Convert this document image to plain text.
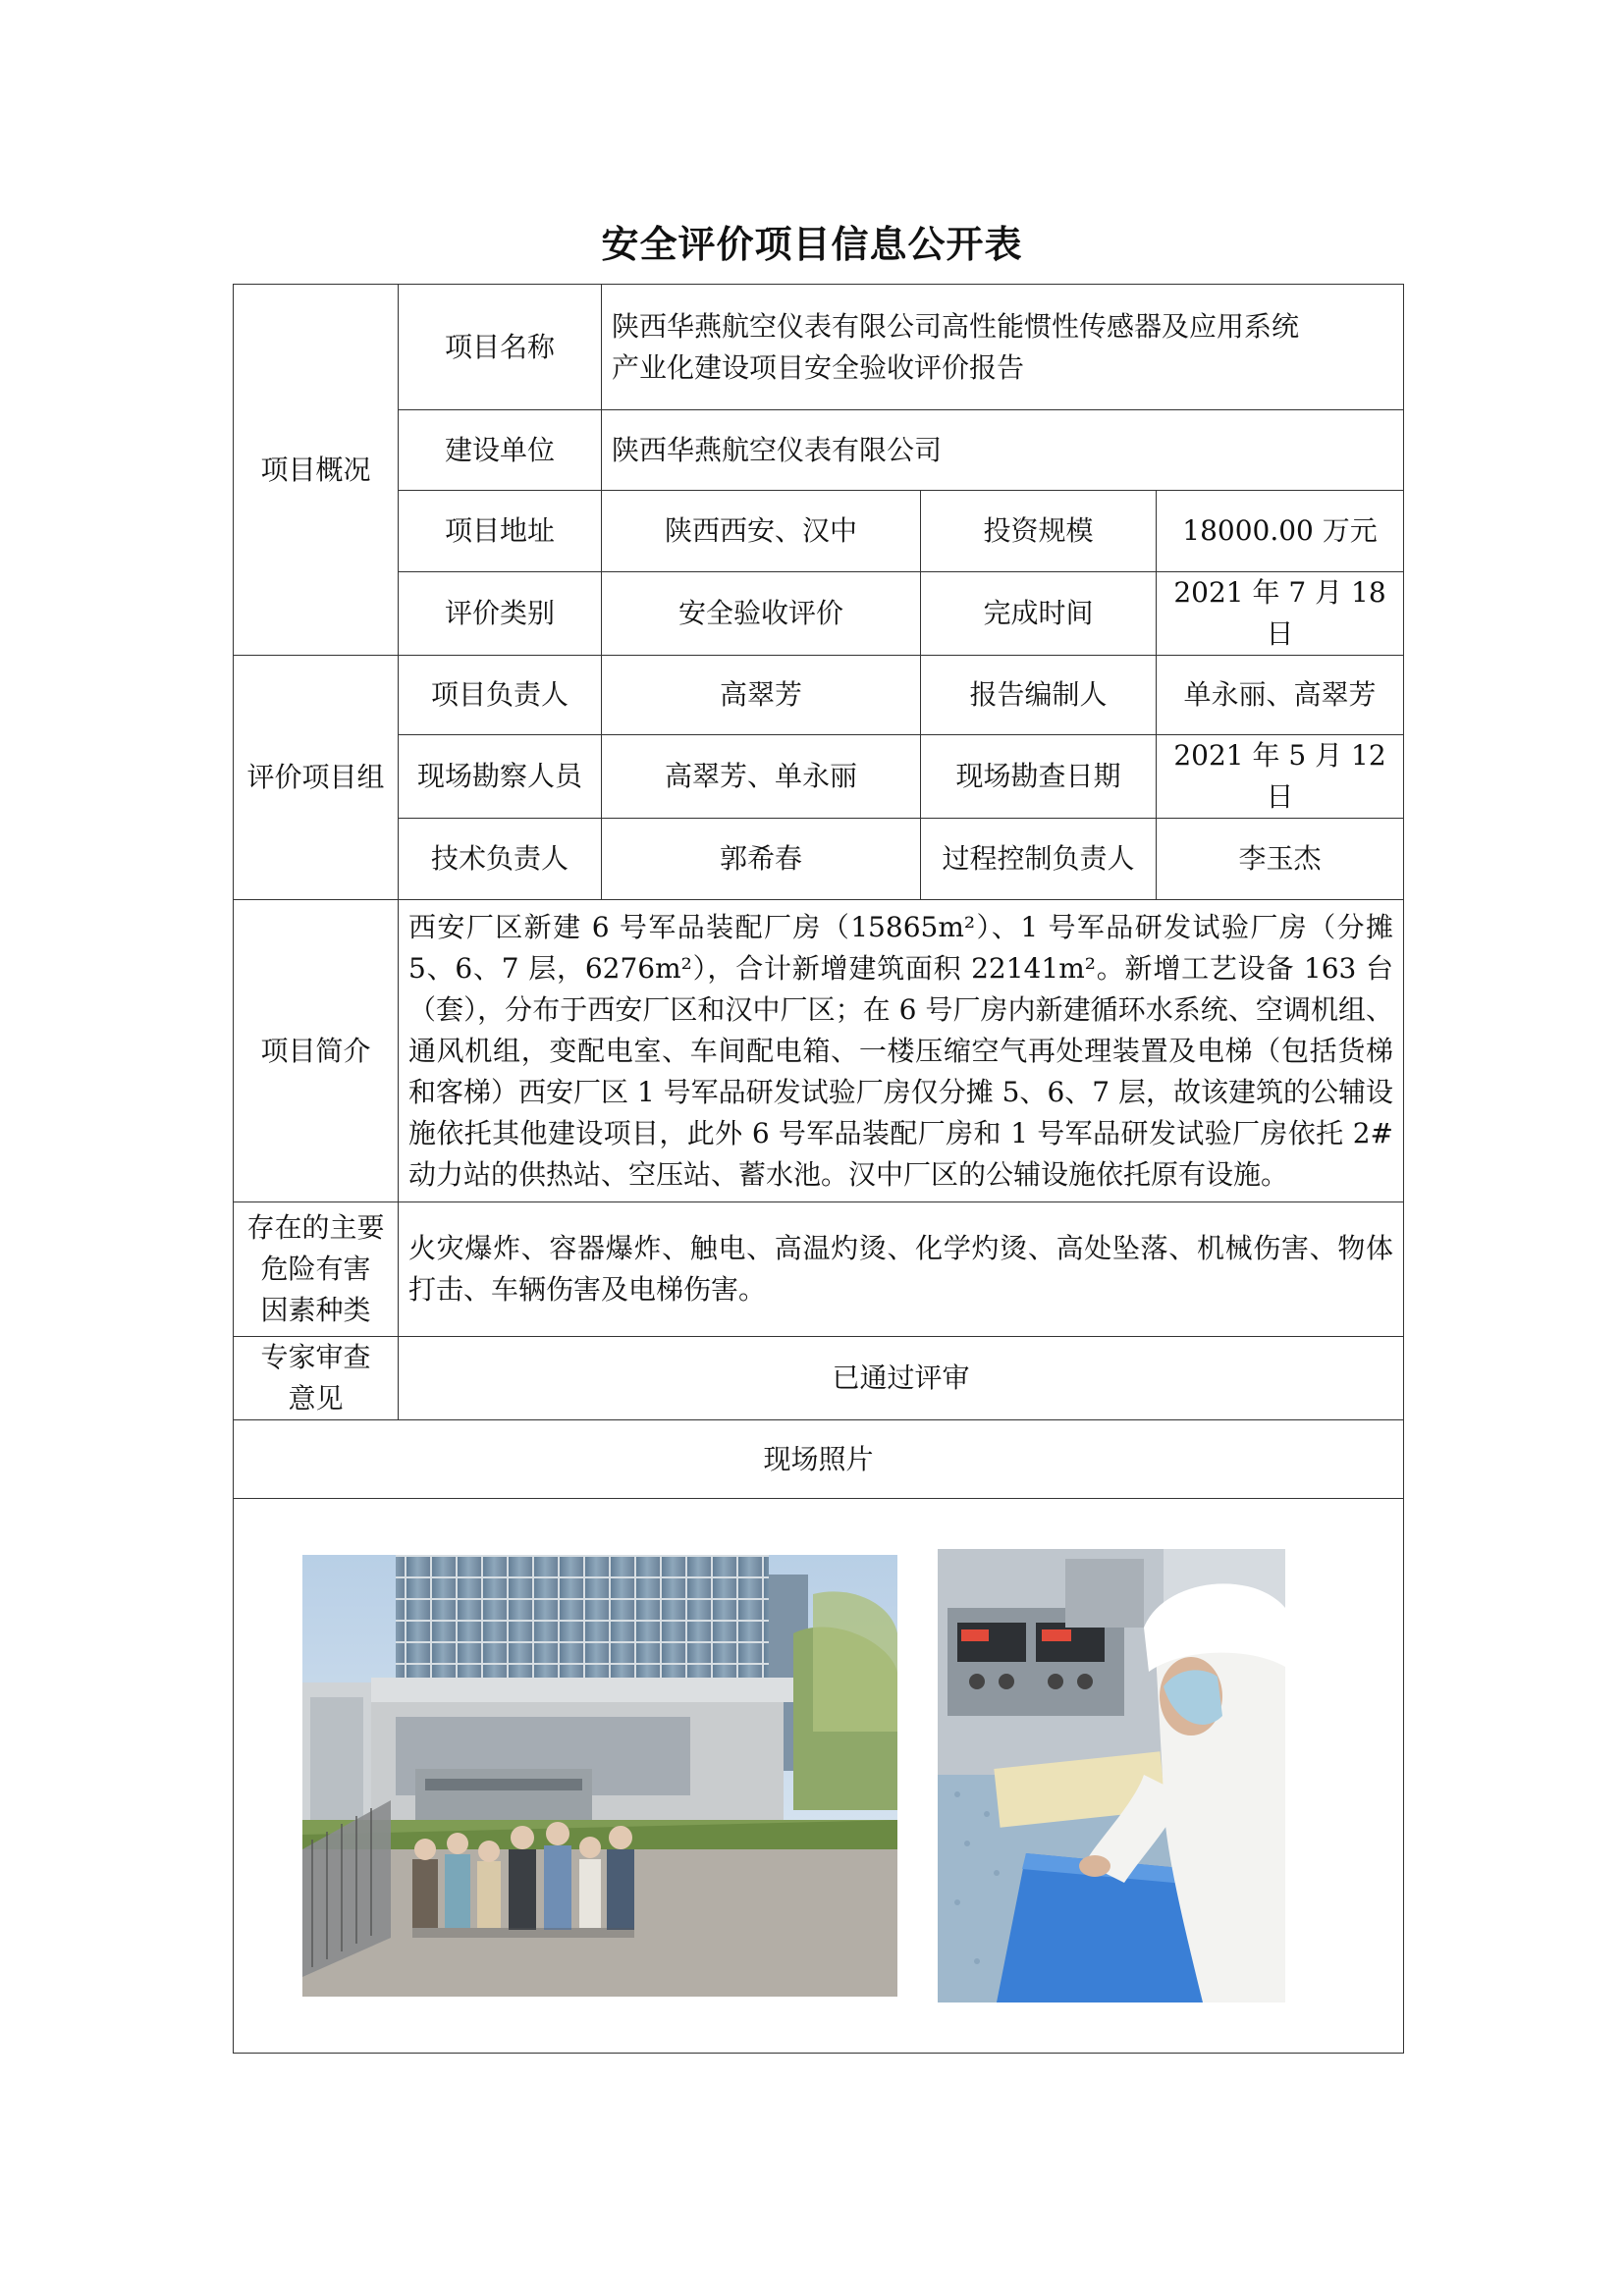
安全评价项目信息公开表
项目概况	项目名称	陕西华燕航空仪表有限公司高性能惯性传感器及应用系统
产业化建设项目安全验收评价报告		

	建设单位	陕西华燕航空仪表有限公司		
	项目地址	陕西西安、汉中	投资规模	18000.00 万元
	评价类别	安全验收评价	完成时间	2021 年 7 月 18 日
评价项目组	项目负责人	高翠芳	报告编制人	单永丽、高翠芳
	现场勘察人员	高翠芳、单永丽	现场勘查日期	2021 年 5 月 12 日
	技术负责人	郭希春	过程控制负责人	李玉杰
项目简介	西安厂区新建 6 号军品装配厂房（15865m²）、1 号军品研发试验厂房（分摊 5、6、7 层，6276m²），合计新增建筑面积 22141m²。新增工艺设备 163 台（套），分布于西安厂区和汉中厂区；在 6 号厂房内新建循环水系统、空调机组、通风机组，变配电室、车间配电箱、一楼压缩空气再处理装置及电梯（包括货梯和客梯）西安厂区 1 号军品研发试验厂房仅分摊 5、6、7 层，故该建筑的公辅设施依托其他建设项目，此外 6 号军品装配厂房和 1 号军品研发试验厂房依托 2#动力站的供热站、空压站、蓄水池。汉中厂区的公辅设施依托原有设施。			

存在的主要
危险有害
因素种类	火灾爆炸、容器爆炸、触电、高温灼烫、化学灼烫、高处坠落、机械伤害、物体打击、车辆伤害及电梯伤害。			

专家审查
意见	已通过评审			
现场照片				
